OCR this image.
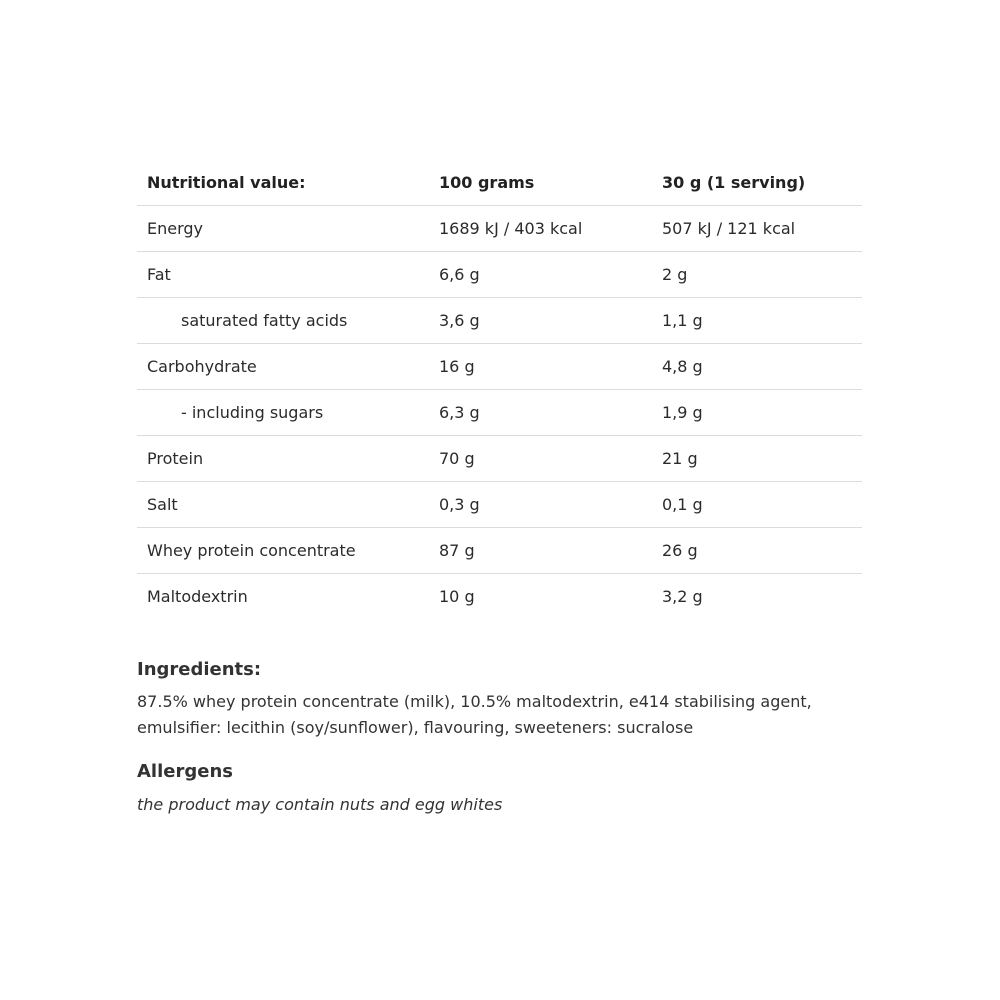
Nutritional value:	100 grams	30 g (1 serving)
Energy	1689 kJ / 403 kcal	507 kJ / 121 kcal
Fat	6,6 g	2 g
saturated fatty acids	3,6 g	1,1 g
Carbohydrate	16 g	4,8 g
- including sugars	6,3 g	1,9 g
Protein	70 g	21 g
Salt	0,3 g	0,1 g
Whey protein concentrate	87 g	26 g
Maltodextrin	10 g	3,2 g
Ingredients:

87.5% whey protein concentrate (milk), 10.5% maltodextrin, e414 stabilising agent, emulsifier: lecithin (soy/sunflower), flavouring, sweeteners: sucralose

Allergens

the product may contain nuts and egg whites
